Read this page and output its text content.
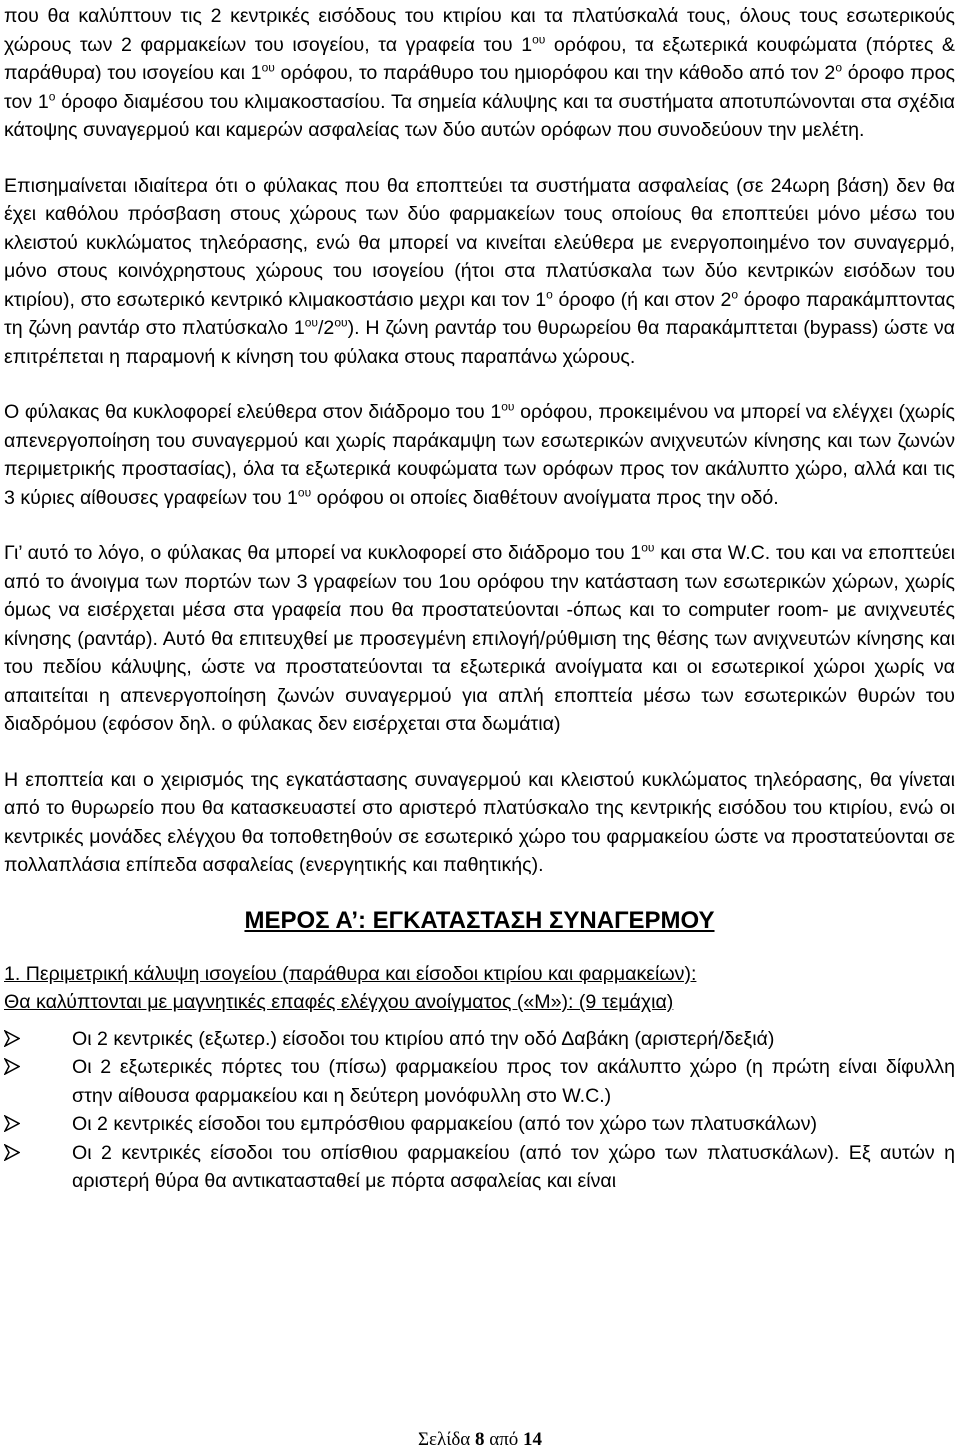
που θα καλύπτουν τις 2 κεντρικές εισόδους του κτιρίου και τα πλατύσκαλά τους, όλους τους εσωτερικούς χώρους των 2 φαρμακείων του ισογείου, τα γραφεία του $1^{o\upsilon}$ ορόφου, τα εξωτερικά κουφώματα (πόρτες & παράθυρα) του ισογείου και $1^{o\upsilon}$ ορόφου, το παράθυρο του ημιορόφου και την κάθοδο από τον $2^o$ όροφο προς τον $1^o$ όροφο διαμέσου του κλιμακοστασίου. Τα σημεία κάλυψης και τα συστήματα αποτυπώνονται στα σχέδια κάτοψης συναγερμού και καμερών ασφαλείας των δύο αυτών ορόφων που συνοδεύουν την μελέτη.

Επισημαίνεται ιδιαίτερα ότι ο φύλακας που θα εποπτεύει τα συστήματα ασφαλείας (σε 24ωρη βάση) δεν θα έχει καθόλου πρόσβαση στους χώρους των δύο φαρμακείων τους οποίους θα εποπτεύει μόνο μέσω του κλειστού κυκλώματος τηλεόρασης, ενώ θα μπορεί να κινείται ελεύθερα με ενεργοποιημένο τον συναγερμό, μόνο στους κοινόχρηστους χώρους του ισογείου (ήτοι στα πλατύσκαλα των δύο κεντρικών εισόδων του κτιρίου), στο εσωτερικό κεντρικό κλιμακοστάσιο μεχρι και τον $1^o$ όροφο (ή και στον $2^o$ όροφο παρακάμπτοντας τη ζώνη ραντάρ στο πλατύσκαλο $1^{o\upsilon}/2^{o\upsilon}$). Η ζώνη ραντάρ του θυρωρείου θα παρακάμπτεται (bypass) ώστε να επιτρέπεται η παραμονή κ κίνηση του φύλακα στους παραπάνω χώρους.

Ο φύλακας θα κυκλοφορεί ελεύθερα στον διάδρομο του $1^{o\upsilon}$ ορόφου, προκειμένου να μπορεί να ελέγχει (χωρίς απενεργοποίηση του συναγερμού και χωρίς παράκαμψη των εσωτερικών ανιχνευτών κίνησης και των ζωνών περιμετρικής προστασίας), όλα τα εξωτερικά κουφώματα των ορόφων προς τον ακάλυπτο χώρο, αλλά και τις 3 κύριες αίθουσες γραφείων του $1^{o\upsilon}$ ορόφου οι οποίες διαθέτουν ανοίγματα προς την οδό.

Γι’ αυτό το λόγο, ο φύλακας θα μπορεί να κυκλοφορεί στο διάδρομο του $1^{o\upsilon}$ και στα W.C. του και να εποπτεύει από το άνοιγμα των πορτών των 3 γραφείων του 1ου ορόφου την κατάσταση των εσωτερικών χώρων, χωρίς όμως να εισέρχεται μέσα στα γραφεία που θα προστατεύονται -όπως και το computer room- με ανιχνευτές κίνησης (ραντάρ). Αυτό θα επιτευχθεί με προσεγμένη επιλογή/ρύθμιση της θέσης των ανιχνευτών κίνησης και του πεδίου κάλυψης, ώστε να προστατεύονται τα εξωτερικά ανοίγματα και οι εσωτερικοί χώροι χωρίς να απαιτείται η απενεργοποίηση ζωνών συναγερμού για απλή εποπτεία μέσω των εσωτερικών θυρών του διαδρόμου (εφόσον δηλ. ο φύλακας δεν εισέρχεται στα δωμάτια)

Η εποπτεία και ο χειρισμός της εγκατάστασης συναγερμού και κλειστού κυκλώματος τηλεόρασης, θα γίνεται από το θυρωρείο που θα κατασκευαστεί στο αριστερό πλατύσκαλο της κεντρικής εισόδου του κτιρίου, ενώ οι κεντρικές μονάδες ελέγχου θα τοποθετηθούν σε εσωτερικό χώρο του φαρμακείου ώστε να προστατεύονται σε πολλαπλάσια επίπεδα ασφαλείας (ενεργητικής και παθητικής).

ΜΕΡΟΣ Α’: ΕΓΚΑΤΑΣΤΑΣΗ ΣΥΝΑΓΕΡΜΟΥ
1. Περιμετρική κάλυψη ισογείου (παράθυρα και είσοδοι κτιρίου και φαρμακείων):
Θα καλύπτονται με μαγνητικές επαφές ελέγχου ανοίγματος («Μ»): (9 τεμάχια)
Οι 2 κεντρικές (εξωτερ.) είσοδοι του κτιρίου από την οδό Δαβάκη (αριστερή/δεξιά)
Οι 2 εξωτερικές πόρτες του (πίσω) φαρμακείου προς τον ακάλυπτο χώρο (η πρώτη είναι δίφυλλη στην αίθουσα φαρμακείου και η δεύτερη μονόφυλλη στο W.C.)
Οι 2 κεντρικές είσοδοι του εμπρόσθιου φαρμακείου (από τον χώρο των πλατυσκάλων)
Οι 2 κεντρικές είσοδοι του οπίσθιου φαρμακείου (από τον χώρο των πλατυσκάλων). Εξ αυτών η αριστερή θύρα θα αντικατασταθεί με πόρτα ασφαλείας και είναι
Σελίδα 8 από 14
